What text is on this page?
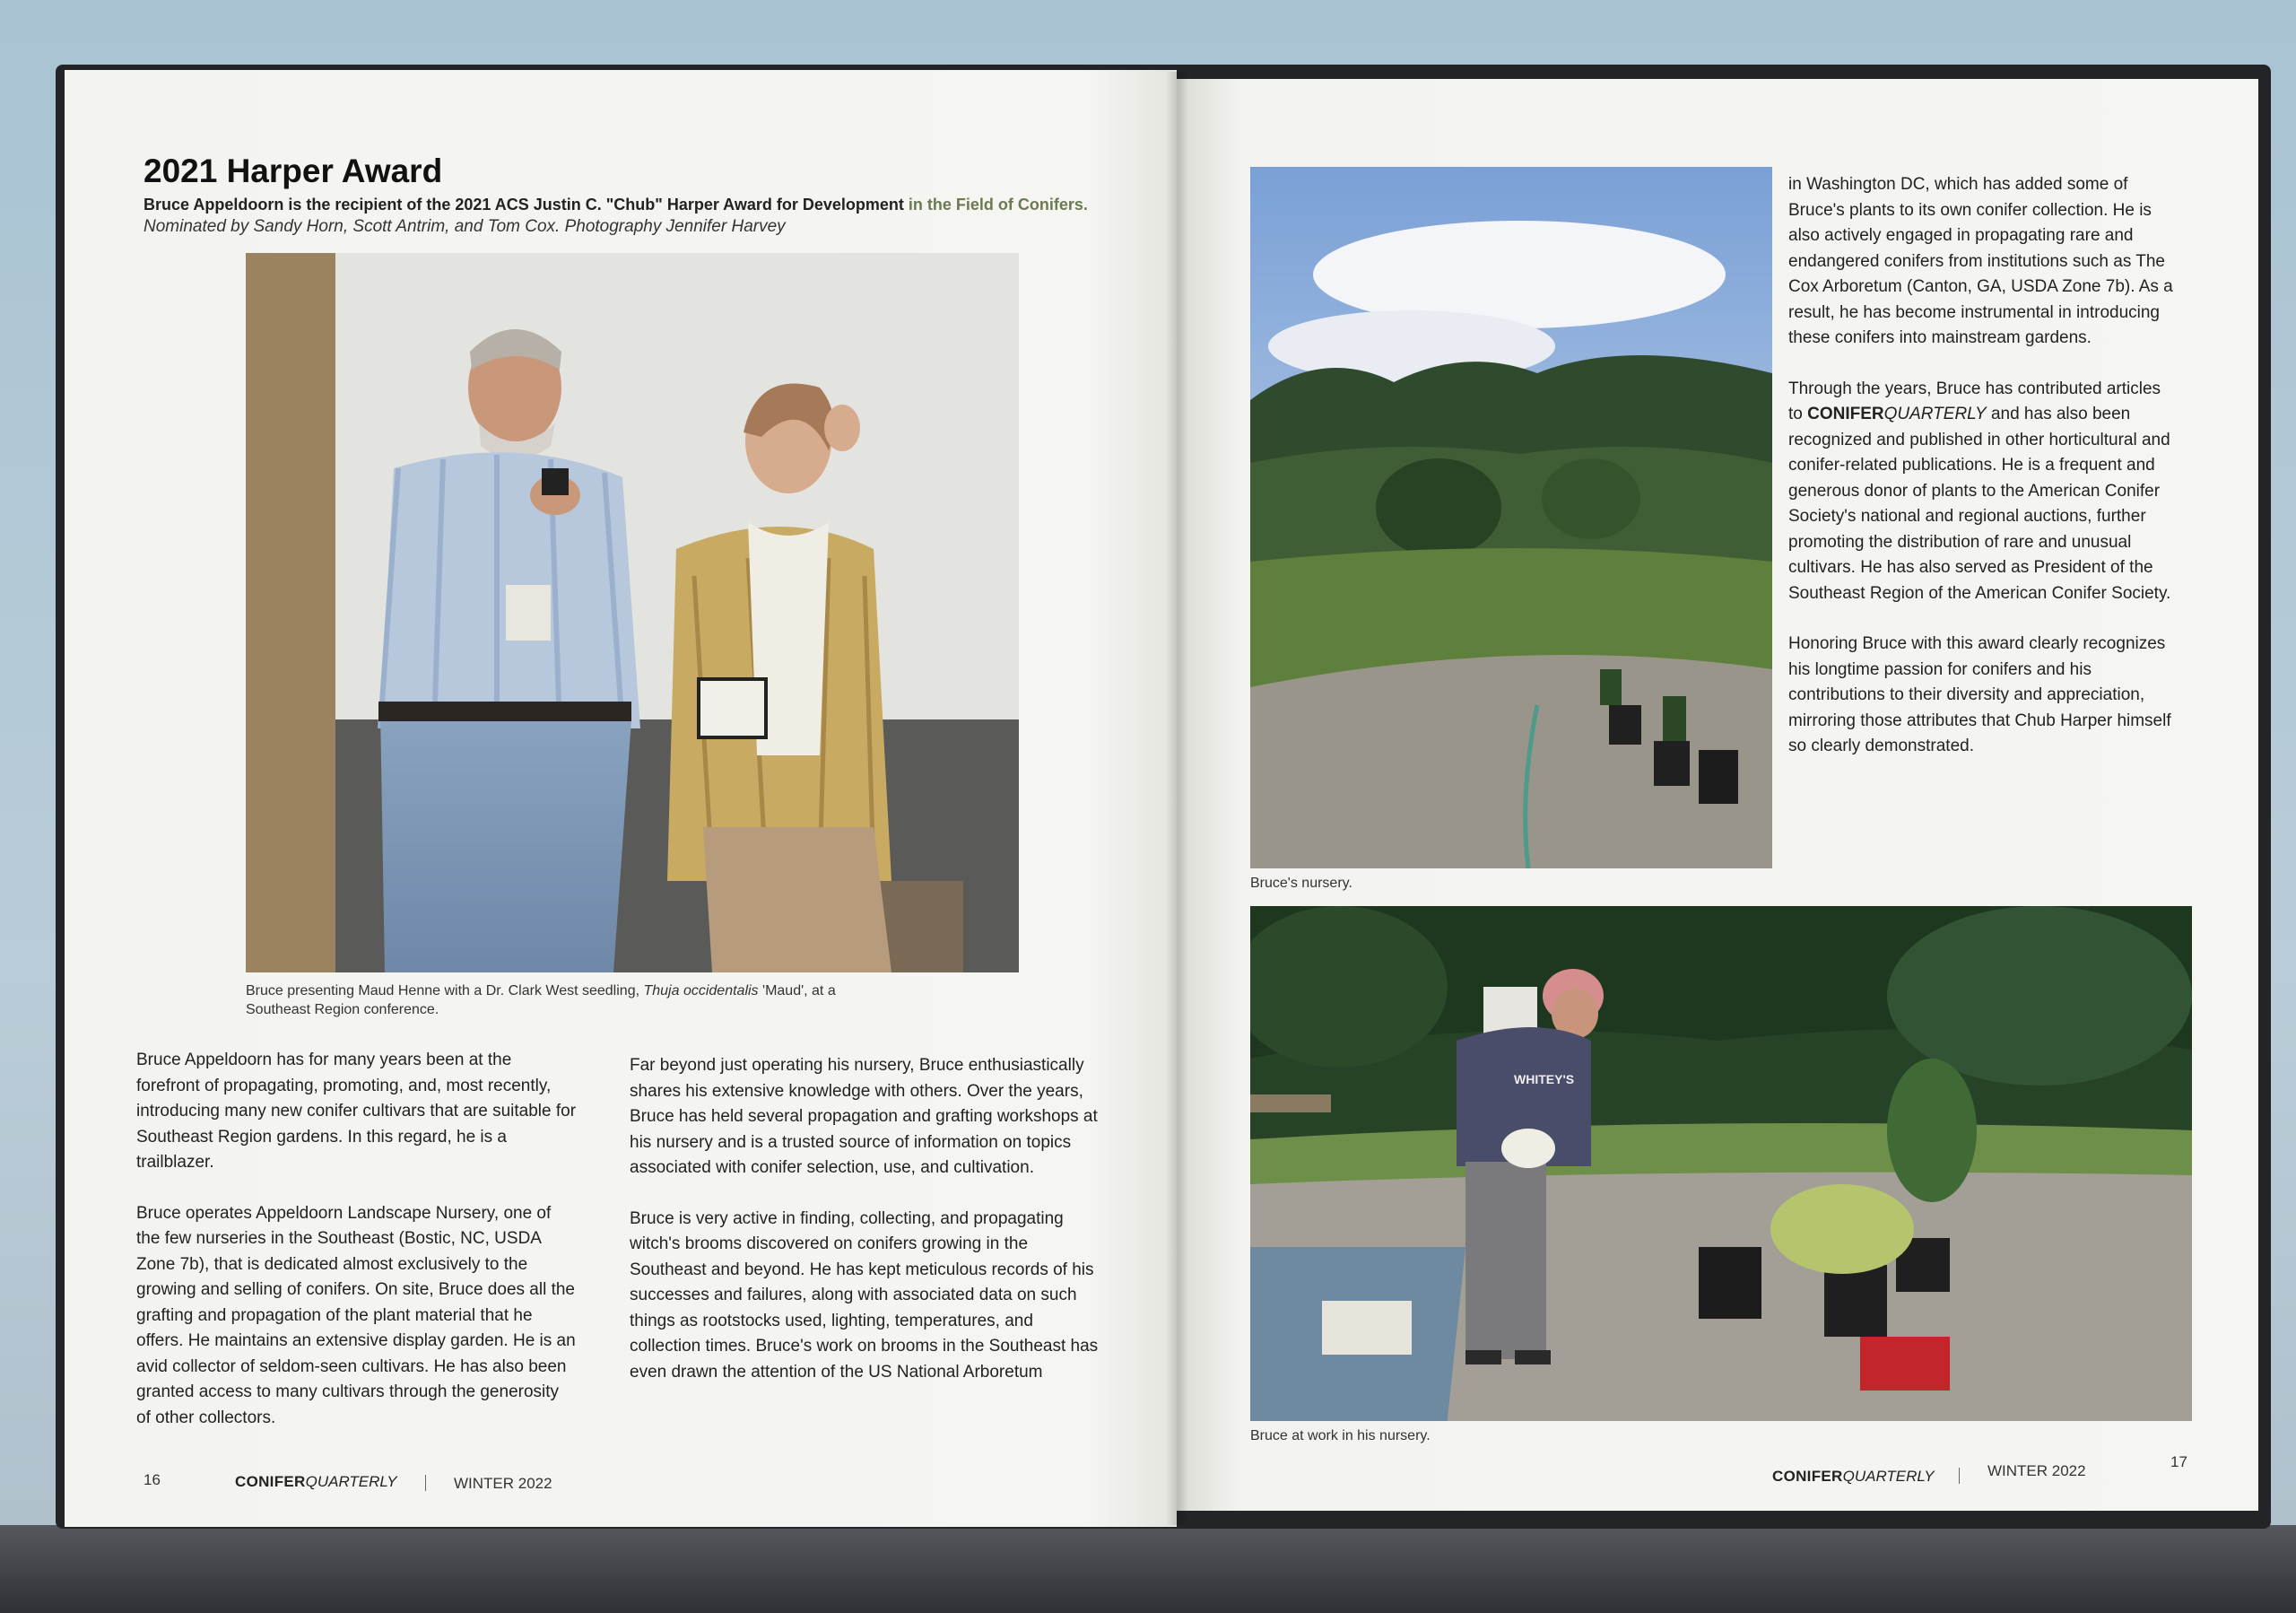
2021 Harper Award
Bruce Appeldoorn is the recipient of the 2021 ACS Justin C. "Chub" Harper Award for Development in the Field of Conifers.
Nominated by Sandy Horn, Scott Antrim, and Tom Cox. Photography Jennifer Harvey
Bruce presenting Maud Henne with a Dr. Clark West seedling, Thuja occidentalis 'Maud', at a
Southeast Region conference.

Bruce Appeldoorn has for many years been at the forefront of propagating, promoting, and, most recently, introducing many new conifer cultivars that are suitable for Southeast Region gardens. In this regard, he is a trailblazer.

Bruce operates Appeldoorn Landscape Nursery, one of the few nurseries in the Southeast (Bostic, NC, USDA Zone 7b), that is dedicated almost exclusively to the growing and selling of conifers. On site, Bruce does all the grafting and propagation of the plant material that he offers. He maintains an extensive display garden. He is an avid collector of seldom-seen cultivars. He has also been granted access to many cultivars through the generosity of other collectors.

Far beyond just operating his nursery, Bruce enthusiastically shares his extensive knowledge with others. Over the years, Bruce has held several propagation and grafting workshops at his nursery and is a trusted source of information on topics associated with conifer selection, use, and cultivation.

Bruce is very active in finding, collecting, and propagating witch's brooms discovered on conifers growing in the Southeast and beyond. He has kept meticulous records of his successes and failures, along with associated data on such things as rootstocks used, lighting, temperatures, and collection times. Bruce's work on brooms in the Southeast has even drawn the attention of the US National Arboretum

16	CONIFERQUARTERLY	WINTER 2022
Bruce's nursery.

in Washington DC, which has added some of Bruce's plants to its own conifer collection. He is also actively engaged in propagating rare and endangered conifers from institutions such as The Cox Arboretum (Canton, GA, USDA Zone 7b). As a result, he has become instrumental in introducing these conifers into mainstream gardens.

Through the years, Bruce has contributed articles to CONIFERQUARTERLY and has also been recognized and published in other horticultural and conifer-related publications. He is a frequent and generous donor of plants to the American Conifer Society's national and regional auctions, further promoting the distribution of rare and unusual cultivars. He has also served as President of the Southeast Region of the American Conifer Society.

Honoring Bruce with this award clearly recognizes his longtime passion for conifers and his contributions to their diversity and appreciation, mirroring those attributes that Chub Harper himself so clearly demonstrated.

WHITEY'S
Bruce at work in his nursery.
CONIFERQUARTERLY	WINTER 2022
17
